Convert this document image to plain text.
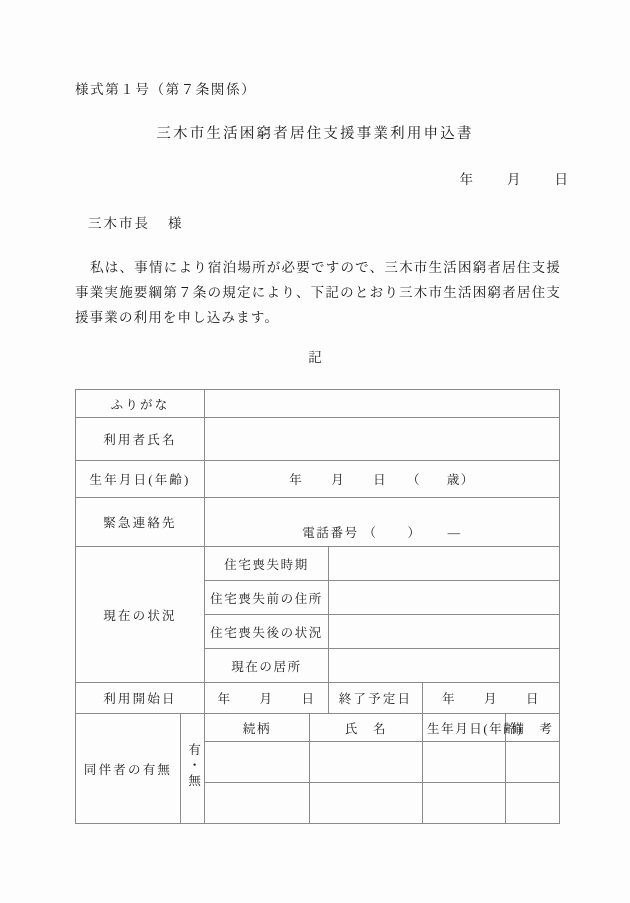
様式第１号（第７条関係）
三木市生活困窮者居住支援事業利用申込書
年	月	日
三木市長 様
私は、事情により宿泊場所が必要ですので、三木市生活困窮者居住支援事業実施要綱第７条の規定により、下記のとおり三木市生活困窮者居住支援事業の利用を申し込みます。
記
ふりがな						
利用者氏名						
生年月日(年齢)		年 月 日 （ 歳）				
緊急連絡先		電話番号 （ ） ―				

現在の状況		住宅喪失時期				
		住宅喪失前の住所				
		住宅喪失後の状況				
		現在の居所				
利用開始日		年 月 日		終了予定日	年 月 日	
同伴者の有無	有・無	続柄	氏　名		生年月日(年齢)	備　考
